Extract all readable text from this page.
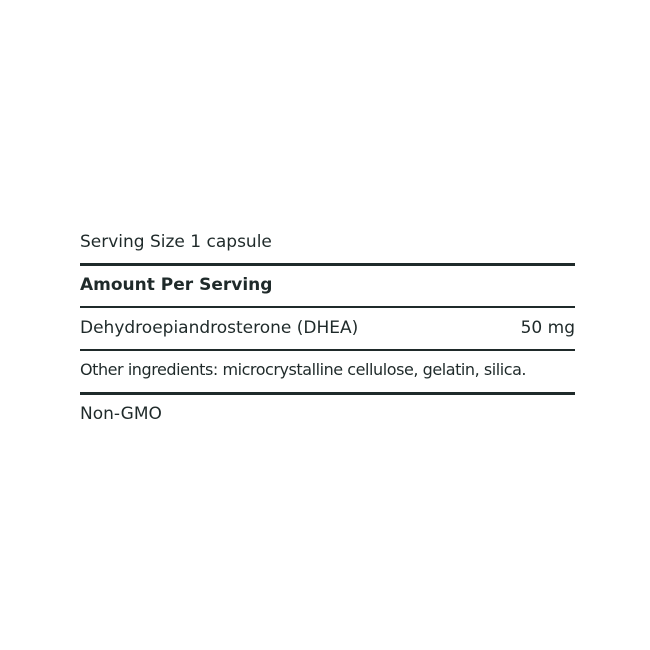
Serving Size 1 capsule
Amount Per Serving
Dehydroepiandrosterone (DHEA)	50 mg
Other ingredients: microcrystalline cellulose, gelatin, silica.
Non-GMO
